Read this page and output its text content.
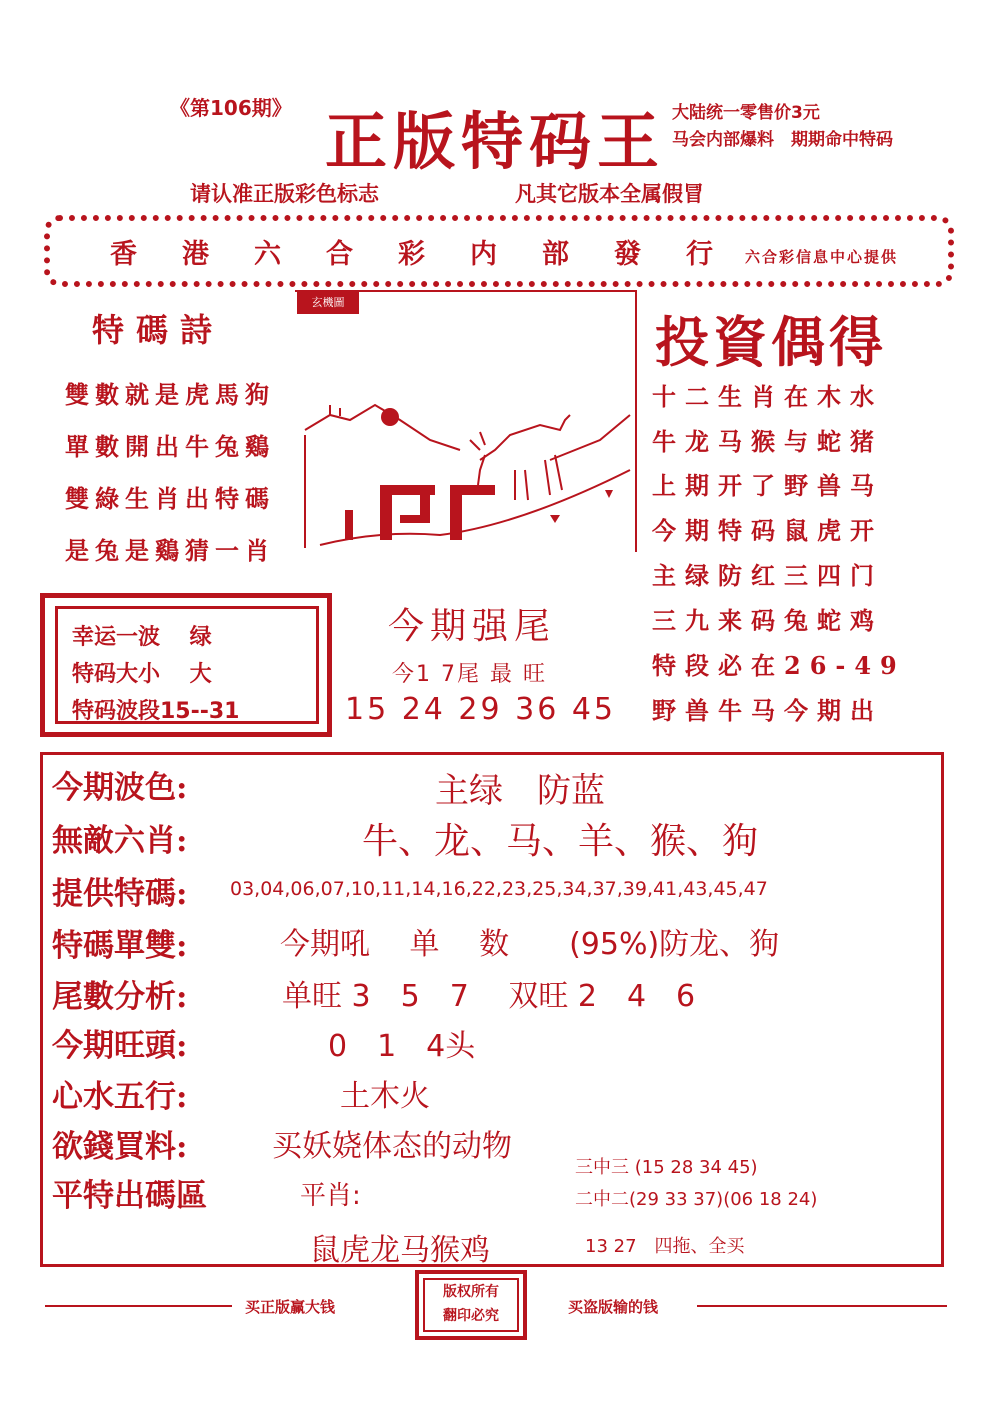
《第106期》 正版特码王 大陆统一零售价3元
马会内部爆料　期期命中特码
请认准正版彩色标志	凡其它版本全属假冒
香港六合彩内部發行
六合彩信息中心提供
特碼詩
雙數就是虎馬狗
單數開出牛兔鷄
雙綠生肖出特碼
是兔是鷄猜一肖
玄機圖
投資偶得
十二生肖在木水
牛龙马猴与蛇猪
上期开了野兽马
今期特码鼠虎开
主绿防红三四门
三九来码兔蛇鸡
特段必在26-49
野兽牛马今期出
幸运一波　 绿
特码大小　 大
特码波段15--31
今期强尾
今1 7尾 最 旺
15 24 29 36 45
今期波色:	主绿　防蓝
無敵六肖:	牛、龙、马、羊、猴、狗
提供特碼: 03,04,06,07,10,11,14,16,22,23,25,34,37,39,41,43,45,47
特碼單雙:	今期吼　 单　 数　　(95%)防龙、狗
尾數分析:	单旺 3　5　7　 双旺 2　4　6
今期旺頭:	0　1　4头
心水五行:	土木火
欲錢買料:	买妖娆体态的动物
平特出碼區	平肖:
鼠虎龙马猴鸡
三中三 (15 28 34 45)
二中二(29 33 37)(06 18 24)
13 27　四拖、全买
买正版赢大钱
版权所有
翻印必究	买盗版输的钱
